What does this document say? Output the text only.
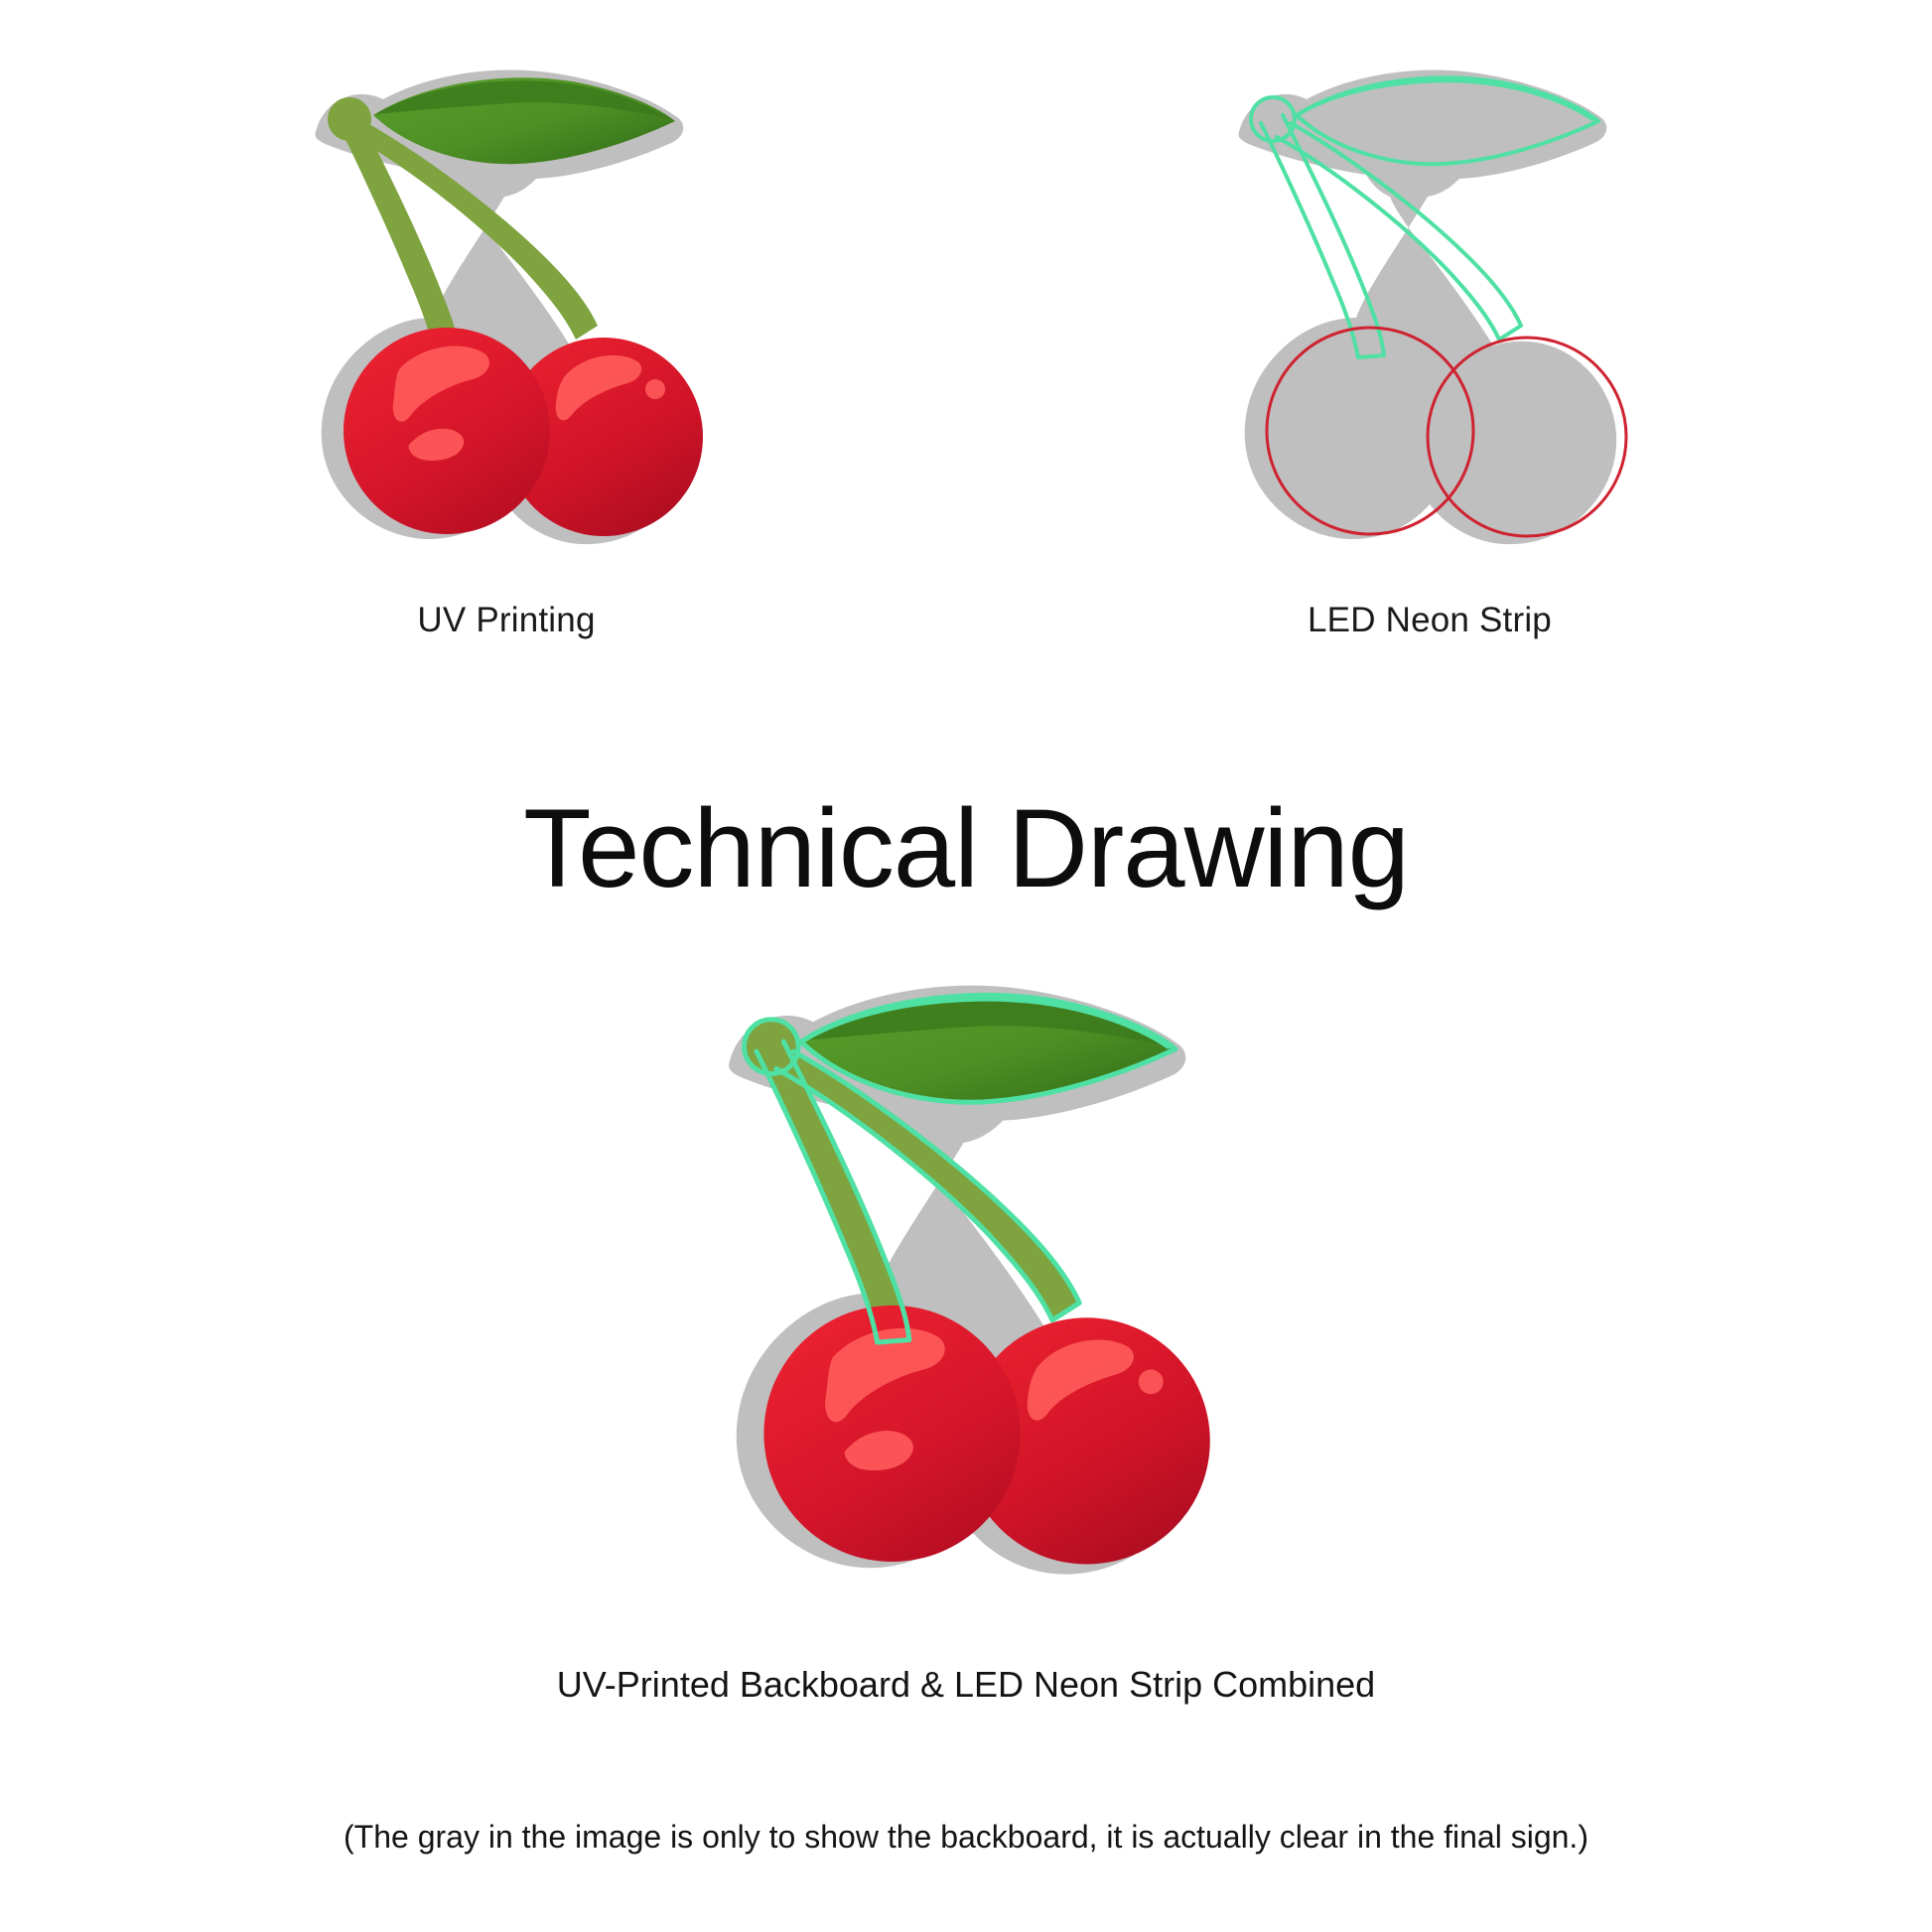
UV Printing	LED Neon Strip
Technical Drawing
UV-Printed Backboard & LED Neon Strip Combined
(The gray in the image is only to show the backboard, it is actually clear in the final sign.)
